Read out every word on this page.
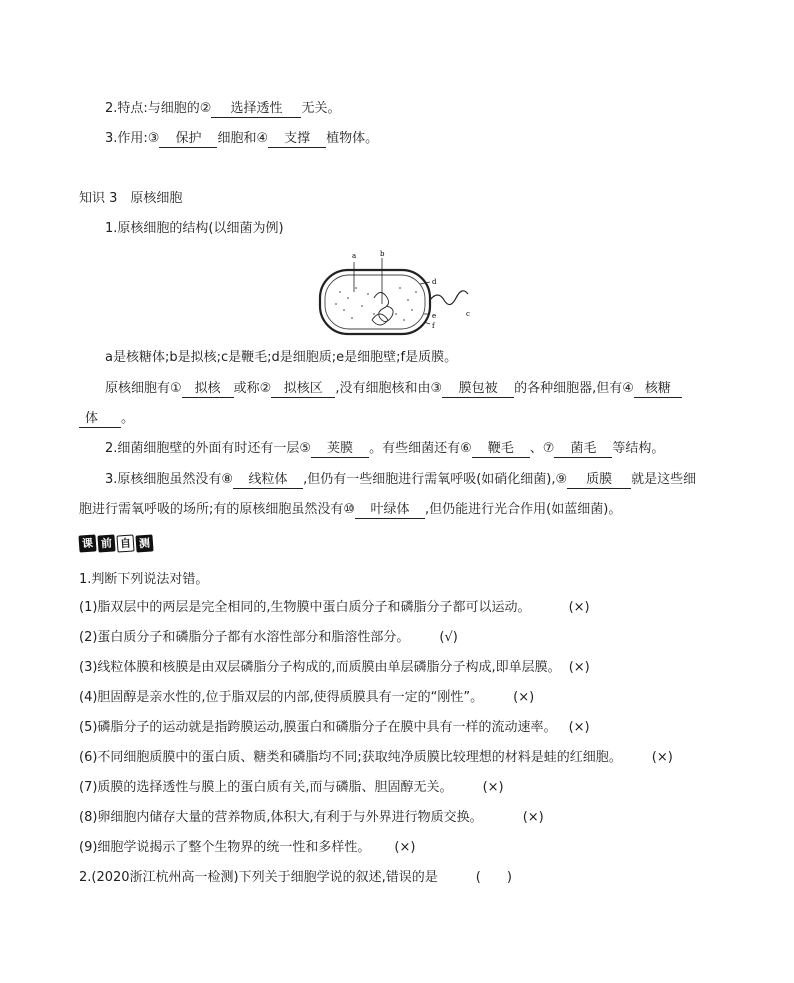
2.特点:与细胞的② 选择透性 无关。
3.作用:③ 保护 细胞和④ 支撑 植物体。
知识 3　原核细胞
1.原核细胞的结构(以细菌为例)
a	b
c
d
e
f
a是核糖体;b是拟核;c是鞭毛;d是细胞质;e是细胞壁;f是质膜。
原核细胞有① 拟核 或称② 拟核区 ,没有细胞核和由③ 膜包被 的各种细胞器,但有④ 核糖
体 。
2.细菌细胞壁的外面有时还有一层⑤ 荚膜 。有些细菌还有⑥ 鞭毛 、⑦ 菌毛 等结构。
3.原核细胞虽然没有⑧ 线粒体 ,但仍有一些细胞进行需氧呼吸(如硝化细菌),⑨ 质膜 就是这些细
胞进行需氧呼吸的场所;有的原核细胞虽然没有⑩ 叶绿体 ,但仍能进行光合作用(如蓝细菌)。
课 前 自 测
1.判断下列说法对错。
(1)脂双层中的两层是完全相同的,生物膜中蛋白质分子和磷脂分子都可以运动。	(×)
(2)蛋白质分子和磷脂分子都有水溶性部分和脂溶性部分。 (√)
(3)线粒体膜和核膜是由双层磷脂分子构成的,而质膜由单层磷脂分子构成,即单层膜。 (×)
(4)胆固醇是亲水性的,位于脂双层的内部,使得质膜具有一定的“刚性”。 (×)
(5)磷脂分子的运动就是指跨膜运动,膜蛋白和磷脂分子在膜中具有一样的流动速率。 (×)
(6)不同细胞质膜中的蛋白质、糖类和磷脂均不同;获取纯净质膜比较理想的材料是蛙的红细胞。 (×)
(7)质膜的选择透性与膜上的蛋白质有关,而与磷脂、胆固醇无关。 (×)
(8)卵细胞内储存大量的营养物质,体积大,有利于与外界进行物质交换。	(×)
(9)细胞学说揭示了整个生物界的统一性和多样性。 (×)
2.(2020浙江杭州高一检测)下列关于细胞学说的叙述,错误的是	(　　)
